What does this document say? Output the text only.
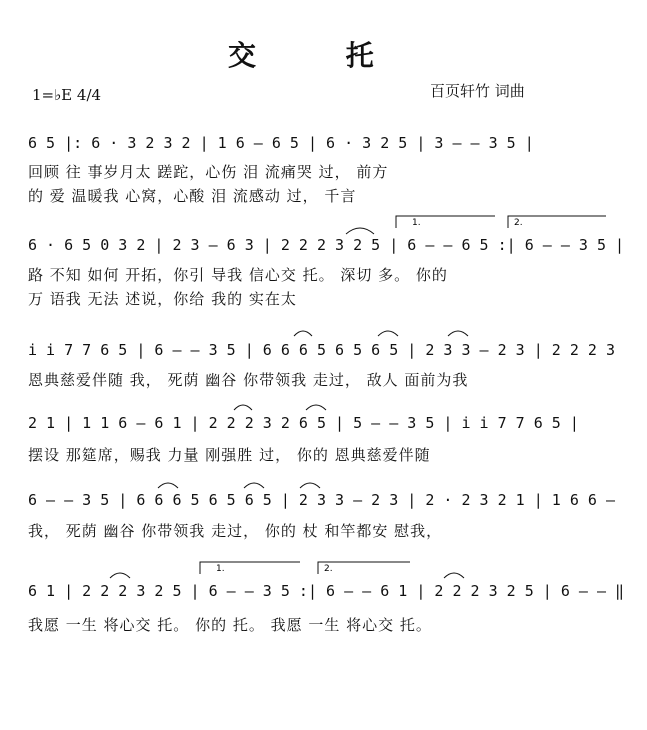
交 托
百页轩竹 词曲
1=♭E 4/4
6 5 |: 6 · 3 2 3 2 | 1 6 — 6 5 | 6 · 3 2 5 | 3 — — 3 5 |
回顾 往 事岁月太 蹉跎，心伤 泪 流痛哭 过， 前方
的 爱 温暖我 心窝，心酸 泪 流感动 过， 千言
6 · 6 5 0 3 2 | 2 3 — 6 3 | 2 2 2 3 2 5 | 6 — — 6 5 :| 6 — — 3 5 |
路 不知 如何 开拓，你引 导我 信心交 托。 深切 多。 你的
万 语我 无法 述说，你给 我的 实在太
i i 7 7 6 5 | 6 — — 3 5 | 6 6 6 5 6 5 6 5 | 2 3 3 — 2 3 | 2 2 2 3
恩典慈爱伴随 我， 死荫 幽谷 你带领我 走过， 敌人 面前为我
2 1 | 1 1 6 — 6 1 | 2 2 2 3 2 6 5 | 5 — — 3 5 | i i 7 7 6 5 |
摆设 那筵席，赐我 力量 刚强胜 过， 你的 恩典慈爱伴随
6 — — 3 5 | 6 6 6 5 6 5 6 5 | 2 3 3 — 2 3 | 2 · 2 3 2 1 | 1 6 6 —
我， 死荫 幽谷 你带领我 走过， 你的 杖 和竿都安 慰我，
6 1 | 2 2 2 3 2 5 | 6 — — 3 5 :| 6 — — 6 1 | 2 2 2 3 2 5 | 6 — — ‖
我愿 一生 将心交 托。 你的 托。 我愿 一生 将心交 托。
1.	2.
1.	2.
